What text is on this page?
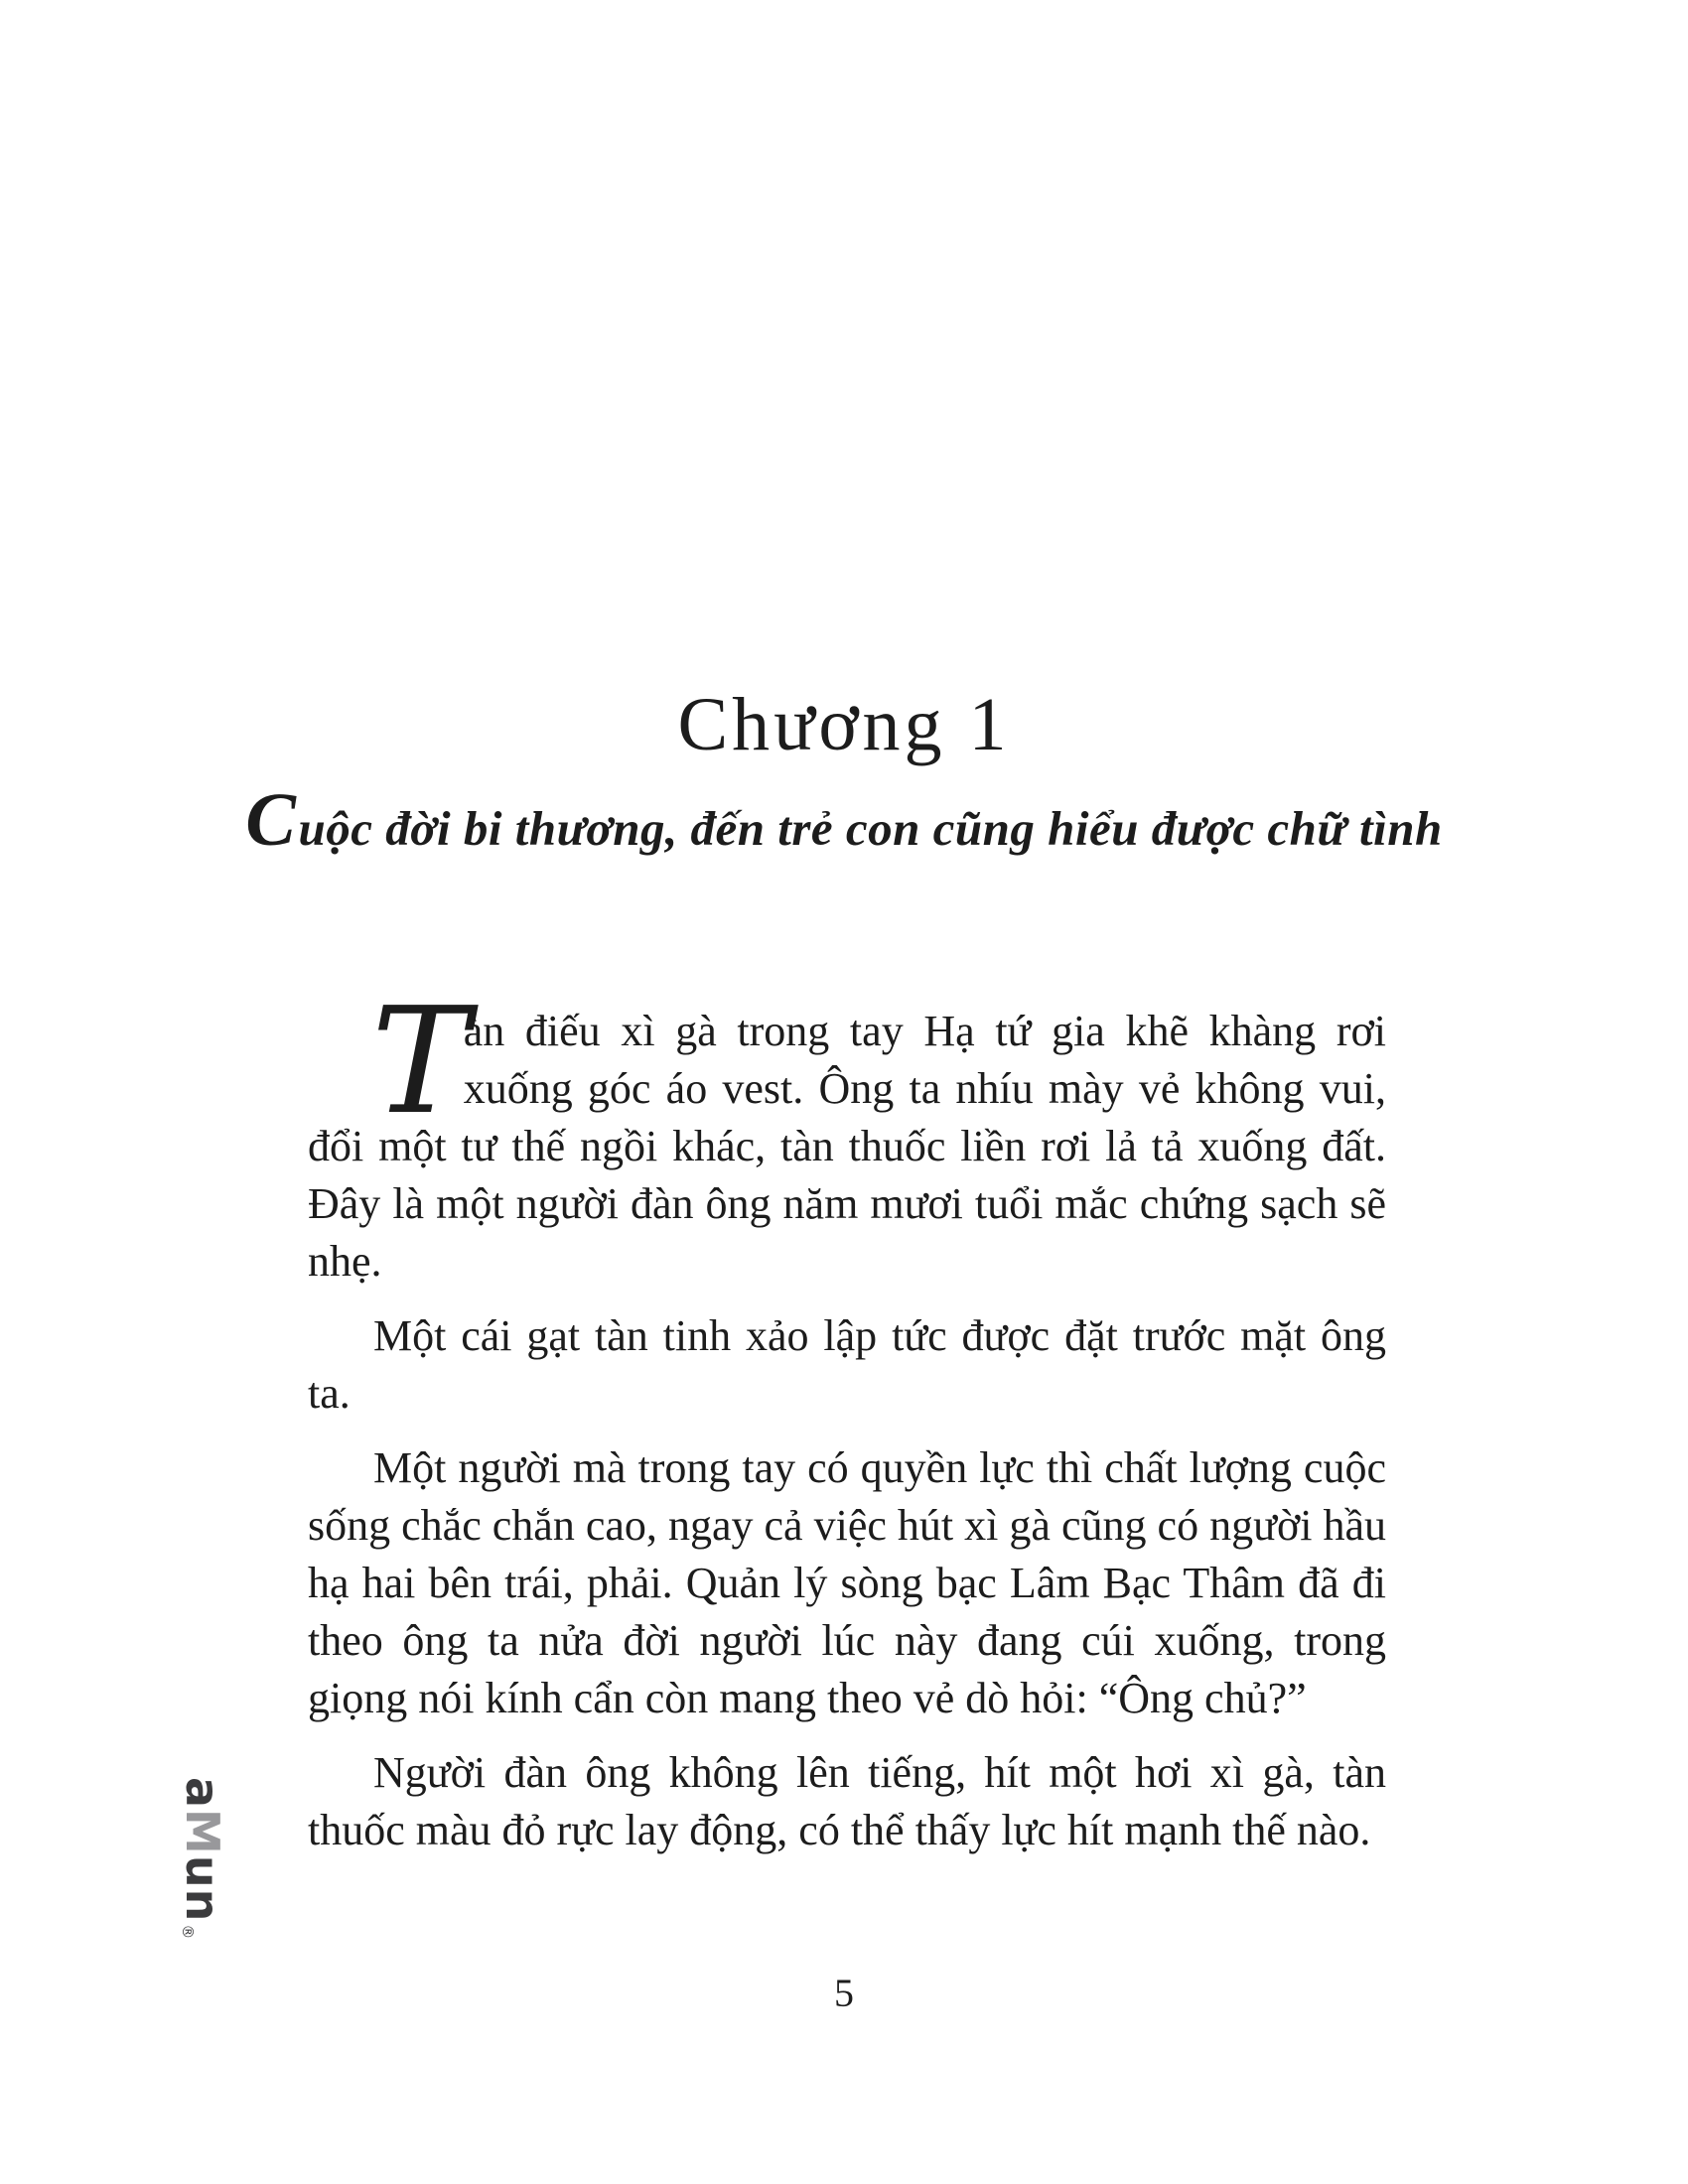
Chương 1
Cuộc đời bi thương, đến trẻ con cũng hiểu được chữ tình

T
àn điếu xì gà trong tay Hạ tứ gia khẽ khàng rơi xuống góc áo vest. Ông ta nhíu mày vẻ không vui, đổi một tư thế ngồi khác, tàn thuốc liền rơi lả tả xuống đất. Đây là một người đàn ông năm mươi tuổi mắc chứng sạch sẽ nhẹ.

Một cái gạt tàn tinh xảo lập tức được đặt trước mặt ông ta.

Một người mà trong tay có quyền lực thì chất lượng cuộc sống chắc chắn cao, ngay cả việc hút xì gà cũng có người hầu hạ hai bên trái, phải. Quản lý sòng bạc Lâm Bạc Thâm đã đi theo ông ta nửa đời người lúc này đang cúi xuống, trong giọng nói kính cẩn còn mang theo vẻ dò hỏi: “Ông chủ?”

Người đàn ông không lên tiếng, hít một hơi xì gà, tàn thuốc màu đỏ rực lay động, có thể thấy lực hít mạnh thế nào.

aMun®
5
